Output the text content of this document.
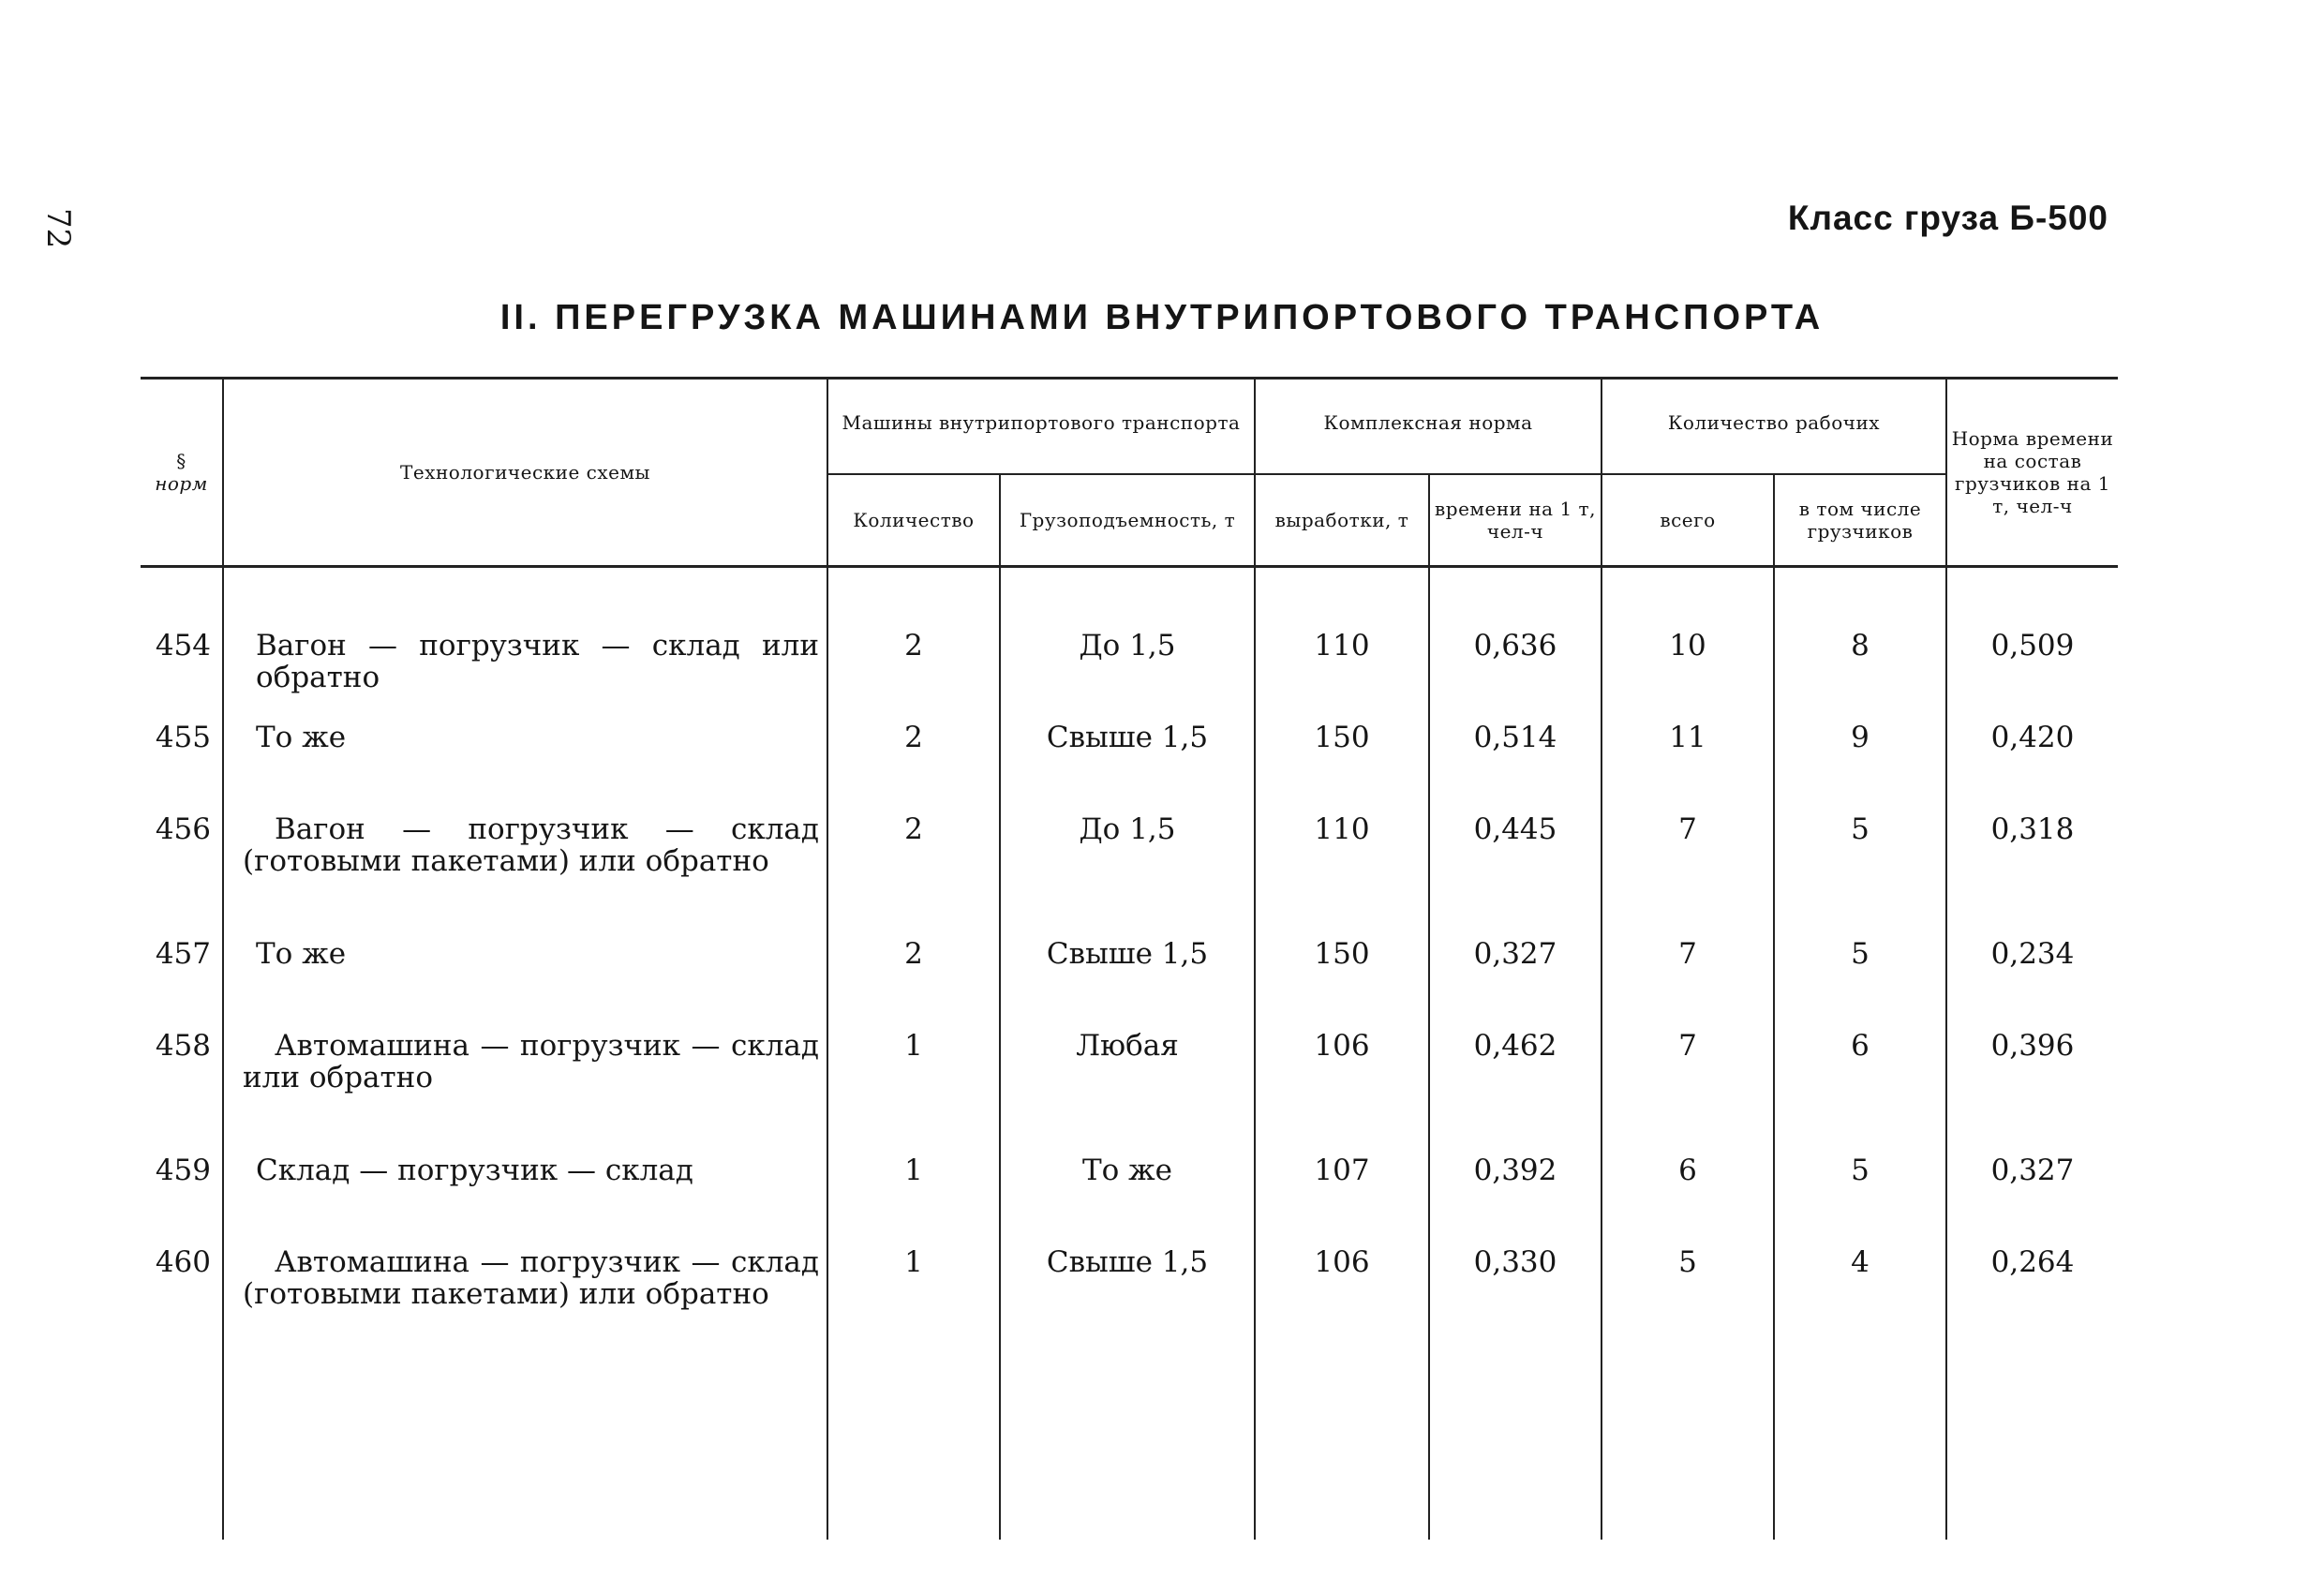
72	Класс груза Б-500
II. ПЕРЕГРУЗКА МАШИНАМИ ВНУТРИПОРТОВОГО ТРАНСПОРТА
§
норм	Технологические схемы	Машины внутрипортового транспорта		Комплексная норма		Количество рабочих		Норма времени на состав грузчиков на 1 т, чел-ч
		Количество	Грузоподъемность, т	выработки, т	времени на 1 т, чел-ч	всего	в том числе грузчиков	

454	Вагон — погрузчик — склад или обратно	2	До 1,5	110	0,636	10	8	0,509
455	То же	2	Свыше 1,5	150	0,514	11	9	0,420
456	Вагон — погрузчик — склад (готовыми пакетами) или обратно	2	До 1,5	110	0,445	7	5	0,318
457	То же	2	Свыше 1,5	150	0,327	7	5	0,234
458	Автомашина — погрузчик — склад или обратно	1	Любая	106	0,462	7	6	0,396
459	Склад — погрузчик — склад	1	То же	107	0,392	6	5	0,327
460	Автомашина — погрузчик — склад (готовыми пакетами) или обратно	1	Свыше 1,5	106	0,330	5	4	0,264
